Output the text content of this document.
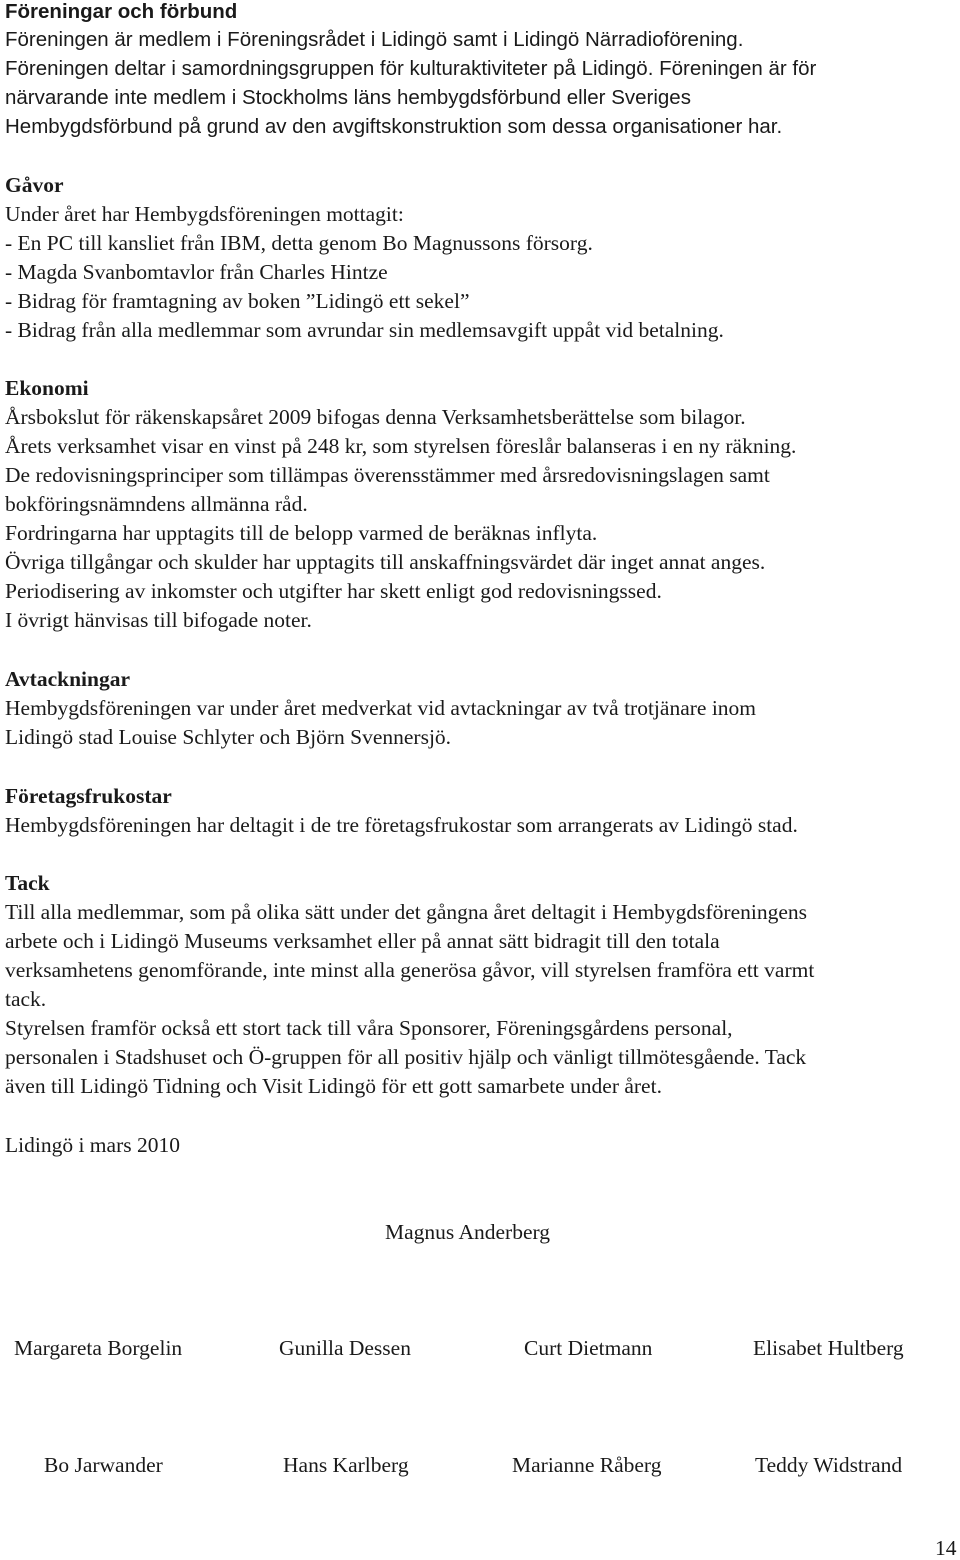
Föreningar och förbund
Föreningen är medlem i Föreningsrådet i Lidingö samt i Lidingö Närradioförening.
Föreningen deltar i samordningsgruppen för kulturaktiviteter på Lidingö. Föreningen är för
närvarande inte medlem i Stockholms läns hembygdsförbund eller Sveriges
Hembygdsförbund på grund av den avgiftskonstruktion som dessa organisationer har.
Gåvor
Under året har Hembygdsföreningen mottagit:
- En PC till kansliet från IBM, detta genom Bo Magnussons försorg.
- Magda Svanbomtavlor från Charles Hintze
- Bidrag för framtagning av boken ”Lidingö ett sekel”
- Bidrag från alla medlemmar som avrundar sin medlemsavgift uppåt vid betalning.
Ekonomi
Årsbokslut för räkenskapsåret 2009 bifogas denna Verksamhetsberättelse som bilagor.
Årets verksamhet visar en vinst på 248 kr, som styrelsen föreslår balanseras i en ny räkning.
De redovisningsprinciper som tillämpas överensstämmer med årsredovisningslagen samt
bokföringsnämndens allmänna råd.
Fordringarna har upptagits till de belopp varmed de beräknas inflyta.
Övriga tillgångar och skulder har upptagits till anskaffningsvärdet där inget annat anges.
Periodisering av inkomster och utgifter har skett enligt god redovisningssed.
I övrigt hänvisas till bifogade noter.
Avtackningar
Hembygdsföreningen var under året medverkat vid avtackningar av två trotjänare inom
Lidingö stad Louise Schlyter och Björn Svennersjö.
Företagsfrukostar
Hembygdsföreningen har deltagit i de tre företagsfrukostar som arrangerats av Lidingö stad.
Tack
Till alla medlemmar, som på olika sätt under det gångna året deltagit i Hembygdsföreningens
arbete och i Lidingö Museums verksamhet eller på annat sätt bidragit till den totala
verksamhetens genomförande, inte minst alla generösa gåvor, vill styrelsen framföra ett varmt
tack.
Styrelsen framför också ett stort tack till våra Sponsorer, Föreningsgårdens personal,
personalen i Stadshuset och Ö-gruppen för all positiv hjälp och vänligt tillmötesgående. Tack
även till Lidingö Tidning och Visit Lidingö för ett gott samarbete under året.
Lidingö i mars 2010
Magnus Anderberg
Margareta Borgelin	Gunilla Dessen	Curt Dietmann	Elisabet Hultberg
Bo Jarwander	Hans Karlberg	Marianne Råberg	Teddy Widstrand
14
